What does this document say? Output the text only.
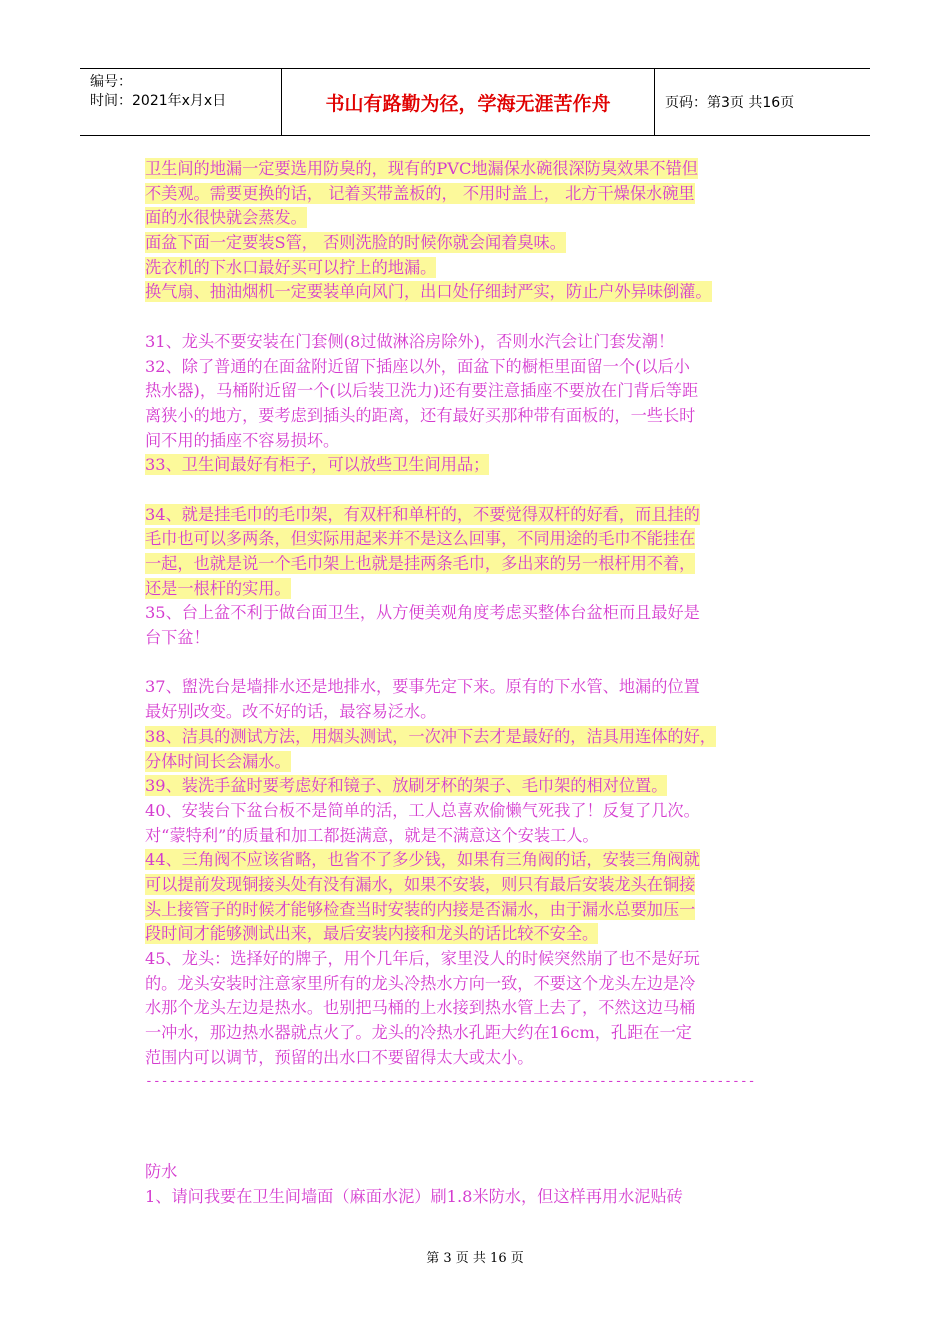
编号：
时间：2021年x月x日	书山有路勤为径，学海无涯苦作舟	页码：第3页 共16页
卫生间的地漏一定要选用防臭的，现有的PVC地漏保水碗很深防臭效果不错但
不美观。需要更换的话， 记着买带盖板的， 不用时盖上， 北方干燥保水碗里
面的水很快就会蒸发。
面盆下面一定要装S管， 否则洗脸的时候你就会闻着臭味。
洗衣机的下水口最好买可以拧上的地漏。
换气扇、抽油烟机一定要装单向风门，出口处仔细封严实，防止户外异味倒灌。
31、龙头不要安装在门套侧(8过做淋浴房除外)，否则水汽会让门套发潮！
32、除了普通的在面盆附近留下插座以外，面盆下的橱柜里面留一个(以后小
热水器)，马桶附近留一个(以后装卫洗力)还有要注意插座不要放在门背后等距
离狭小的地方，要考虑到插头的距离，还有最好买那种带有面板的，一些长时
间不用的插座不容易损坏。
33、卫生间最好有柜子，可以放些卫生间用品；
34、就是挂毛巾的毛巾架，有双杆和单杆的，不要觉得双杆的好看，而且挂的
毛巾也可以多两条，但实际用起来并不是这么回事，不同用途的毛巾不能挂在
一起，也就是说一个毛巾架上也就是挂两条毛巾，多出来的另一根杆用不着，
还是一根杆的实用。
35、台上盆不利于做台面卫生，从方便美观角度考虑买整体台盆柜而且最好是
台下盆！
37、盥洗台是墙排水还是地排水，要事先定下来。原有的下水管、地漏的位置
最好别改变。改不好的话，最容易泛水。
38、洁具的测试方法，用烟头测试，一次冲下去才是最好的，洁具用连体的好，
分体时间长会漏水。
39、装洗手盆时要考虑好和镜子、放刷牙杯的架子、毛巾架的相对位置。
40、安装台下盆台板不是简单的活，工人总喜欢偷懒气死我了！反复了几次。
对“蒙特利”的质量和加工都挺满意，就是不满意这个安装工人。
44、三角阀不应该省略，也省不了多少钱，如果有三角阀的话，安装三角阀就
可以提前发现铜接头处有没有漏水，如果不安装，则只有最后安装龙头在铜接
头上接管子的时候才能够检查当时安装的内接是否漏水，由于漏水总要加压一
段时间才能够测试出来，最后安装内接和龙头的话比较不安全。
45、龙头：选择好的牌子，用个几年后，家里没人的时候突然崩了也不是好玩
的。龙头安装时注意家里所有的龙头冷热水方向一致，不要这个龙头左边是冷
水那个龙头左边是热水。也别把马桶的上水接到热水管上去了，不然这边马桶
一冲水，那边热水器就点火了。龙头的冷热水孔距大约在16cm，孔距在一定
范围内可以调节，预留的出水口不要留得太大或太小。
------------------------------------------------------------------------------
防水
1、请问我要在卫生间墙面（麻面水泥）刷1.8米防水，但这样再用水泥贴砖
第 3 页 共 16 页
